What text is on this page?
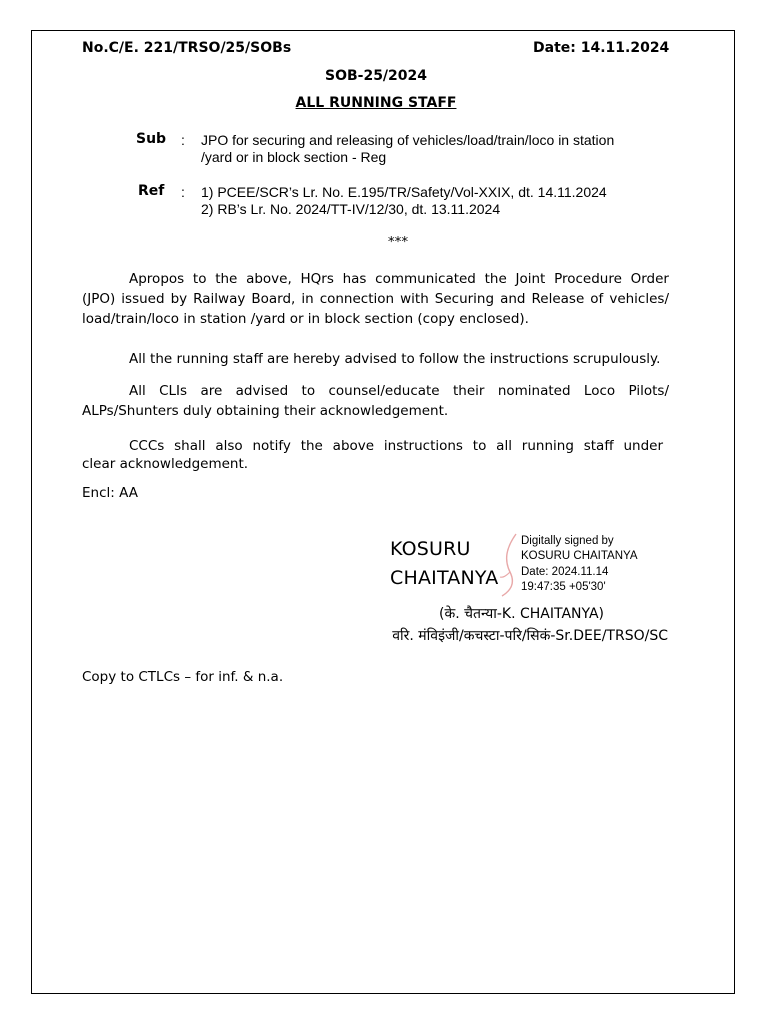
No.C/E. 221/TRSO/25/SOBs	Date: 14.11.2024
SOB-25/2024
ALL RUNNING STAFF
Sub : JPO for securing and releasing of vehicles/load/train/loco in station
/yard or in block section - Reg
Ref : 1) PCEE/SCR’s Lr. No. E.195/TR/Safety/Vol-XXIX, dt. 14.11.2024
2) RB’s Lr. No. 2024/TT-IV/12/30, dt. 13.11.2024
***
Apropos to the above, HQrs has communicated the Joint Procedure Order
(JPO) issued by Railway Board, in connection with Securing and Release of vehicles/
load/train/loco in station /yard or in block section (copy enclosed).
All the running staff are hereby advised to follow the instructions scrupulously.
All CLIs are advised to counsel/educate their nominated Loco Pilots/
ALPs/Shunters duly obtaining their acknowledgement.
CCCs shall also notify the above instructions to all running staff under
clear acknowledgement.
Encl: AA
KOSURU
CHAITANYA
Digitally signed by
KOSURU CHAITANYA
Date: 2024.11.14
19:47:35 +05'30'
(के. चैतन्या-K. CHAITANYA)
वरि. मंविइंजी/कचस्टा-परि/सिकं-Sr.DEE/TRSO/SC
Copy to CTLCs – for inf. & n.a.
